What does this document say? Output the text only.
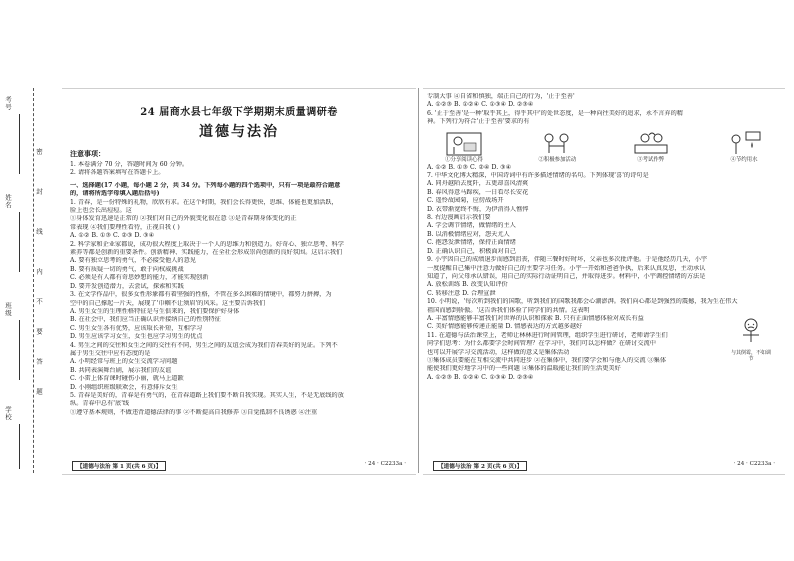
考号
姓名
班级
学校
密
封
线
内
不
要
答
题
24 届商水县七年级下学期期末质量调研卷
道德与法治
注意事项：
1. 本卷满分 70 分，答题时间为 60 分钟。
2. 请将各题答案填写在答题卡上。
一、选择题(17 小题，每小题 2 分，共 34 分。下列每小题的四个选项中，只有一项是最符合题意
的，请将所选字母填入题后括号)
1. 青春，是一份特殊的礼物，欣欣有求。在这个时期，我们会长得更快，思维、体能也更加活跃，
脸上也会长出痘痘。这
①身体发育迅速是正常的 ②我们对自己的外貌变化很在意 ③是青春期身体变化的正
常表现 ④我们要理性看待，正视自我 ( )
A. ①② B. ①③ C. ②③ D. ③④
2. 科学家和企业家都说，成功很大程度上取决于一个人的思维力和创造力。好奇心、独立思考、科学
素养等都是创新的重要条件。创新精神、实践能力，在全社会形成崇尚创新的良好氛围。这启示我们
A. 要有独立思考的勇气，不必接受他人的意见
B. 要有质疑一切的勇气，敢于向权威挑战
C. 必须是有人都有奇思妙想的能力，才能实现创新
D. 要开发创造潜力，去尝试，探索和实践
3. 在文学作品中，很多女性形象都有着坚强的性格，不管在多么困难的情境中，都努力拼搏，为
空中的自己撑起一片天，展现了'巾帼不让须眉'的风采。这主要告诉我们
A. 男生女生的生理性格特征是与生俱来的，我们要保护好身体
B. 在社会中，我们应当正确认识并接纳自己的性别特征
C. 男生女生各有优势，应该取长补短，互相学习
D. 男生应该学习女生，女生也应学习男生的优点
4. 男生之间的交往和女生之间的交往有不同，男生之间的友谊会成为我们青春美好的见证。下列不
属于男生交往中应有态度的是
A. 小明经常与班上的女生交流学习问题
B. 共同表演舞台剧，展示我们的友谊
C. 小雷上体育课时碰伤小丽，就马上道歉
D. 小刚组织班级联欢会，有意排斥女生
5. 青春是美好的，青春是有勇气的，在青春道路上我们要不断自我实现。其实人生，不是无底线的放
纵。青春中总有'底'线
①遵守基本规则，不做违背道德法律的事 ②不断提高自我修养 ③自觉抵制不良诱惑 ④注重
【道德与法治 第 1 页(共 6 页)】	· 24 · C2233a ·
专制大事 ④自省和慎独，端正自己的行为，'止于至善'
A. ①②③ B. ①②④ C. ①③④ D. ②③④
6. '止于至善'是一种'取乎其上，得乎其中'的处世态度，是一种向往美好的追求，永不言弃的精
神。下列行为符合'止于至善'要求的有
①分享阅读心得	②积极参加活动	③考试作弊	④节约用水
A. ①② B. ①③ C. ②④ D. ③④
7. 中华文化博大精深，中国诗词中有许多描述情绪的名句。下列体现'喜'的诗句是
A. 同舟越陌去度阡，五更却喜风清爽
B. 春风得意马蹄疾，一日看尽长安花
C. 遥怜故园菊，应傍战场开
D. 衣带渐宽终不悔，为伊消得人憔悴
8. 右边漫画启示我们要
A. 学会调节情绪，做情绪的主人
B. 以消极情绪应对，怨天尤人
C. 抱怨发泄情绪，保持正面情绪
D. 正确认识自己，积极面对自己
与其倒霉，不如调节
9. 小宇因自己的成绩退步而感到沮丧，伴随三餐时好时坏，父亲也多次批评他。于是他经历几天，小宇
一度提醒自己集中注意力做好自己的主要学习任务。小宇一开始和爸爸争执，后来认真反思，主动承认
知道了，向父母承认错误，用自己的实际行动证明自己，并取得进步。材料中，小宇调控情绪的方法是
A. 放松训练 B. 改变认知评价
C. 转移注意 D. 合理宣泄
10. 小明说，'每次听到我们的国歌，听到我们的国歌我都会心潮澎湃。我们向心都是到强烈的震撼，我为生在伟大
祖国而感到骄傲。'这告诉我们体验了同学们的共情。这表明
A. 丰富情感能够丰富我们对世界的认识和探索 B. 只有正面情感体验对成长有益
C. 美好情感能够传递正能量 D. 情感表达的方式越多越好
11. 在道德与法治课堂上，老师让林林进行时间管理，组织学生进行研讨，老师请学生们
同学们思考：为什么都要学会时间管理？在学习中，我们可以怎样做？在研讨交流中
也可以开展学习交流活动，这样做的意义是集体活动
①集体成员要能在互相交流中共同进步 ②在集体中，我们要学会和与他人的交流 ③集体
能使我们更好地学习中的一些问题 ④集体的温暖能让我们的生活更美好
A. ①②③ B. ①②④ C. ①③④ D. ②③④
【道德与法治 第 2 页(共 6 页)】	· 24 · C2233a ·
